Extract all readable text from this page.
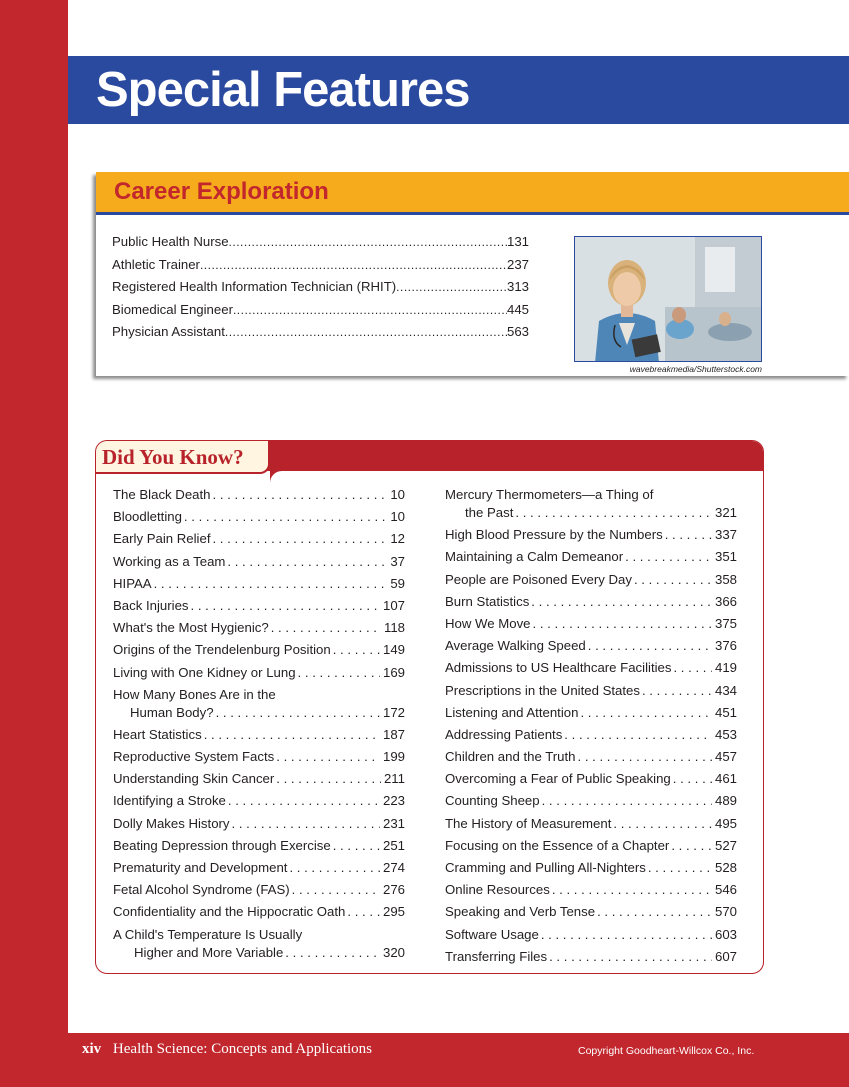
Special Features
Career Exploration
Public Health Nurse .....	131
Athletic Trainer .....	237
Registered Health Information Technician (RHIT) .....	313
Biomedical Engineer .....	445
Physician Assistant .....	563
wavebreakmedia/Shutterstock.com
Did You Know?
The Black Death . . .	10
Bloodletting . . .	10
Early Pain Relief . . .	12
Working as a Team . . .	37
HIPAA . . .	59
Back Injuries . . .	107
What's the Most Hygienic? . . .	118
Origins of the Trendelenburg Position . . .	149
Living with One Kidney or Lung . . .	169
How Many Bones Are in the
Human Body? . . .	172
Heart Statistics . . .	187
Reproductive System Facts . . .	199
Understanding Skin Cancer . . .	211
Identifying a Stroke . . .	223
Dolly Makes History . . .	231
Beating Depression through Exercise . . .	251
Prematurity and Development . . .	274
Fetal Alcohol Syndrome (FAS) . . .	276
Confidentiality and the Hippocratic Oath . . .	295
A Child's Temperature Is Usually
Higher and More Variable . . .	320
Mercury Thermometers—a Thing of
the Past . . .	321
High Blood Pressure by the Numbers . . .	337
Maintaining a Calm Demeanor . . .	351
People are Poisoned Every Day . . .	358
Burn Statistics . . .	366
How We Move . . .	375
Average Walking Speed . . .	376
Admissions to US Healthcare Facilities . . .	419
Prescriptions in the United States . . .	434
Listening and Attention . . .	451
Addressing Patients . . .	453
Children and the Truth . . .	457
Overcoming a Fear of Public Speaking . . .	461
Counting Sheep . . .	489
The History of Measurement . . .	495
Focusing on the Essence of a Chapter . . .	527
Cramming and Pulling All-Nighters . . .	528
Online Resources . . .	546
Speaking and Verb Tense . . .	570
Software Usage . . .	603
Transferring Files . . .	607
xiv Health Science: Concepts and Applications	Copyright Goodheart-Willcox Co., Inc.
